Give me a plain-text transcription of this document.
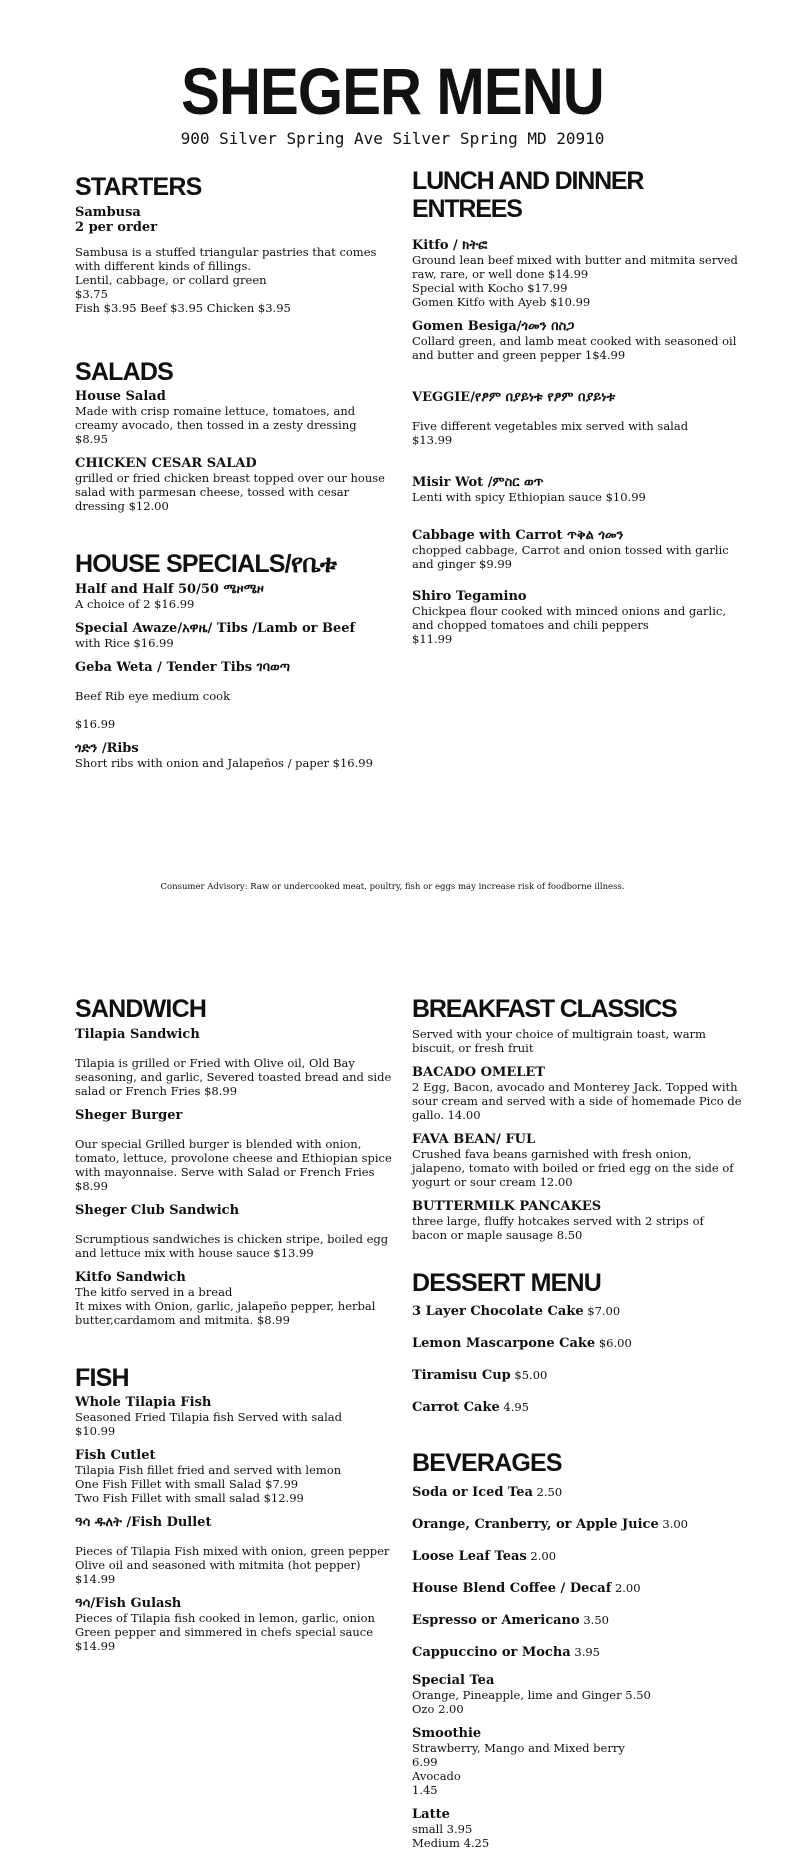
SHEGER MENU
900 Silver Spring Ave Silver Spring MD 20910
STARTERS
Sambusa
2 per order
Sambusa is a stuffed triangular pastries that comes with different kinds of fillings.
Lentil, cabbage, or collard green
$3.75
Fish $3.95 Beef $3.95 Chicken $3.95
SALADS
House Salad
Made with crisp romaine lettuce, tomatoes, and creamy avocado, then tossed in a zesty dressing
$8.95
CHICKEN CESAR SALAD
grilled or fried chicken breast topped over our house salad with parmesan cheese, tossed with cesar dressing $12.00
HOUSE SPECIALS/የቤቱ
Half and Half 50/50 ሜዞሜዞ
A choice of 2 $16.99
Special Awaze/አዋዜ/ Tibs /Lamb or Beef
with Rice $16.99
Geba Weta / Tender Tibs ገባወጣ

Beef Rib eye medium cook

$16.99
ጎድን /Ribs
Short ribs with onion and Jalapeños / paper $16.99
LUNCH AND DINNER ENTREES
Kitfo / ክትፎ
Ground lean beef mixed with butter and mitmita served raw, rare, or well done $14.99
Special with Kocho $17.99
Gomen Kitfo with Ayeb $10.99
Gomen Besiga/ጎመን በስጋ
Collard green, and lamb meat cooked with seasoned oil and butter and green pepper 1$4.99
VEGGIE/የፆም በያይነቱ የፆም በያይነቱ

Five different vegetables mix served with salad
$13.99
Misir Wot /ምስር ወጥ
Lenti with spicy Ethiopian sauce $10.99
Cabbage with Carrot ጥቅል ጎመን
chopped cabbage, Carrot and onion tossed with garlic and ginger $9.99
Shiro Tegamino
Chickpea flour cooked with minced onions and garlic, and chopped tomatoes and chili peppers
$11.99
Consumer Advisory: Raw or undercooked meat, poultry, fish or eggs may increase risk of foodborne illness.
SANDWICH
Tilapia Sandwich

Tilapia is grilled or Fried with Olive oil, Old Bay seasoning, and garlic, Severed toasted bread and side salad or French Fries $8.99
Sheger Burger

Our special Grilled burger is blended with onion, tomato, lettuce, provolone cheese and Ethiopian spice with mayonnaise. Serve with Salad or French Fries
$8.99
Sheger Club Sandwich

Scrumptious sandwiches is chicken stripe, boiled egg and lettuce mix with house sauce $13.99
Kitfo Sandwich
The kitfo served in a bread
It mixes with Onion, garlic, jalapeño pepper, herbal butter,cardamom and mitmita. $8.99
FISH
Whole Tilapia Fish
Seasoned Fried Tilapia fish Served with salad
$10.99
Fish Cutlet
Tilapia Fish fillet fried and served with lemon
One Fish Fillet with small Salad $7.99
Two Fish Fillet with small salad $12.99
ዓሳ ዱለት /Fish Dullet

Pieces of Tilapia Fish mixed with onion, green pepper Olive oil and seasoned with mitmita (hot pepper) $14.99
ዓሳ/Fish Gulash
Pieces of Tilapia fish cooked in lemon, garlic, onion Green pepper and simmered in chefs special sauce
$14.99
BREAKFAST CLASSICS
Served with your choice of multigrain toast, warm biscuit, or fresh fruit
BACADO OMELET
2 Egg, Bacon, avocado and Monterey Jack. Topped with sour cream and served with a side of homemade Pico de gallo. 14.00
FAVA BEAN/ FUL
Crushed fava beans garnished with fresh onion, jalapeno, tomato with boiled or fried egg on the side of yogurt or sour cream 12.00
BUTTERMILK PANCAKES
three large, fluffy hotcakes served with 2 strips of bacon or maple sausage 8.50
DESSERT MENU
3 Layer Chocolate Cake $7.00
Lemon Mascarpone Cake $6.00
Tiramisu Cup $5.00
Carrot Cake 4.95
BEVERAGES
Soda or Iced Tea 2.50
Orange, Cranberry, or Apple Juice 3.00
Loose Leaf Teas 2.00
House Blend Coffee / Decaf 2.00
Espresso or Americano 3.50
Cappuccino or Mocha 3.95
Special Tea
Orange, Pineapple, lime and Ginger 5.50
Ozo 2.00
Smoothie
Strawberry, Mango and Mixed berry
6.99
Avocado
1.45
Latte
small 3.95
Medium 4.25
